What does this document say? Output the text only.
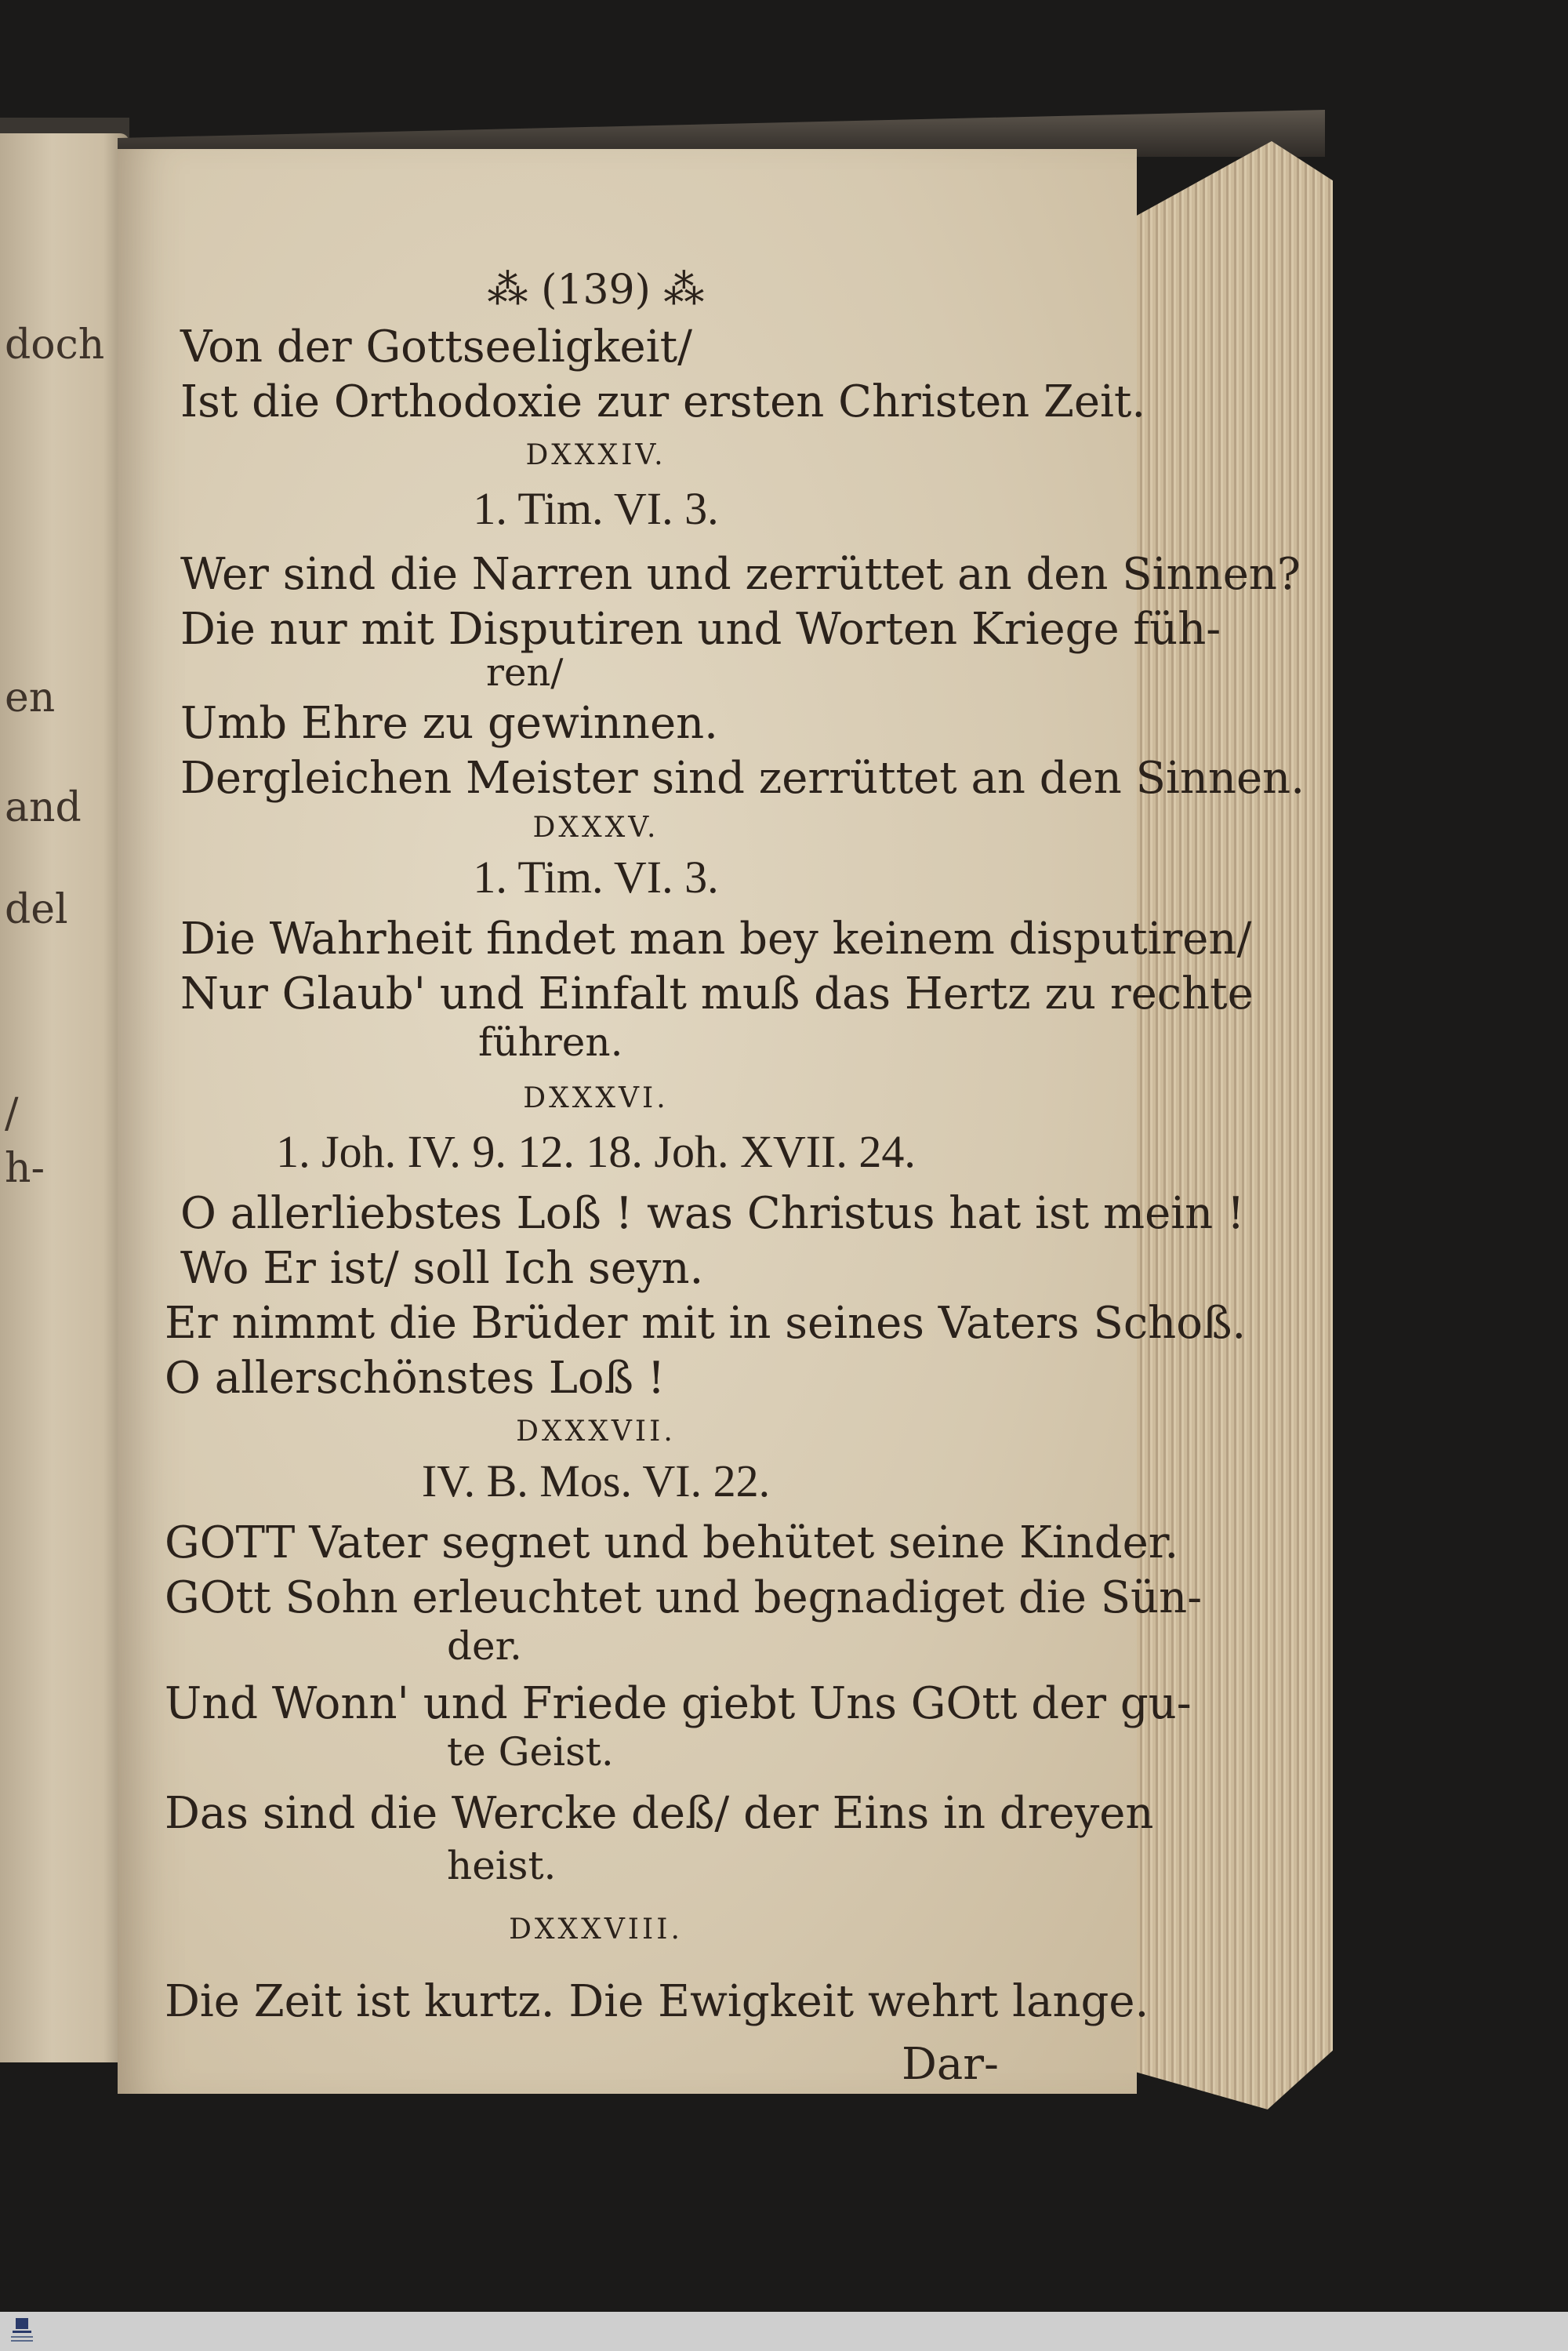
doch
en
and
del
/
h‑
⁂ (139) ⁂
Von der Gottseeligkeit/
Ist die Orthodoxie zur ersten Christen Zeit.
DXXXIV.
1. Tim. VI. 3.
Wer sind die Narren und zerrüttet an den Sinnen?
Die nur mit Disputiren und Worten Kriege füh-
ren/
Umb Ehre zu gewinnen.
Dergleichen Meister sind zerrüttet an den Sinnen.
DXXXV.
1. Tim. VI. 3.
Die Wahrheit findet man bey keinem disputiren/
Nur Glaub' und Einfalt muß das Hertz zu rechte
führen.
DXXXVI.
1. Joh. IV. 9. 12. 18. Joh. XVII. 24.
O allerliebstes Loß ! was Christus hat ist mein !
Wo Er ist/ soll Ich seyn.
Er nimmt die Brüder mit in seines Vaters Schoß.
O allerschönstes Loß !
DXXXVII.
IV. B. Mos. VI. 22.
GOTT Vater segnet und behütet seine Kinder.
GOtt Sohn erleuchtet und begnadiget die Sün-
der.
Und Wonn' und Friede giebt Uns GOtt der gu-
te Geist.
Das sind die Wercke deß/ der Eins in dreyen
heist.
DXXXVIII.
Die Zeit ist kurtz. Die Ewigkeit wehrt lange.
Dar-
